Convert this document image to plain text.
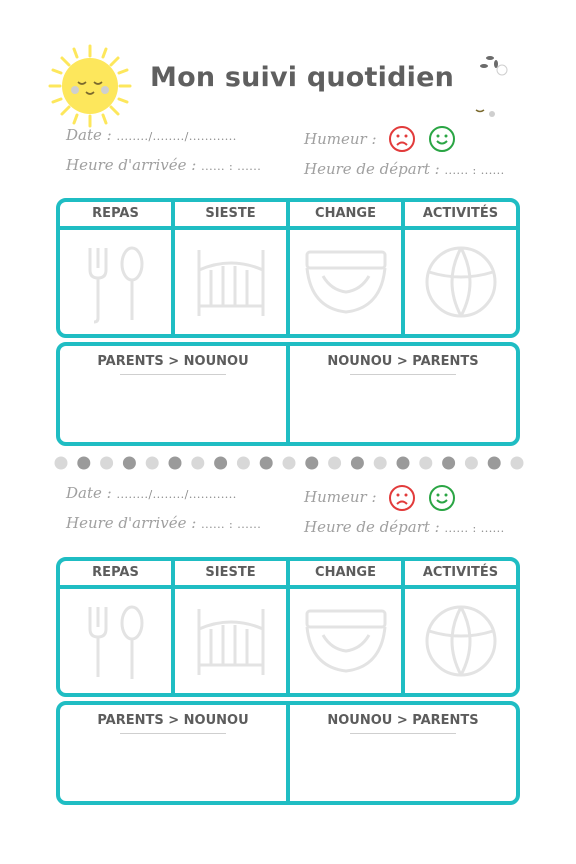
Mon suivi quotidien
Date : ......../......../............
Heure d'arrivée : ...... : ......
Humeur :
Heure de départ : ...... : ......
REPAS	SIESTE	CHANGE	ACTIVITÉS
PARENTS > NOUNOU	NOUNOU > PARENTS
Date : ......../......../............
Heure d'arrivée : ...... : ......
Humeur :
Heure de départ : ...... : ......
REPAS	SIESTE	CHANGE	ACTIVITÉS
PARENTS > NOUNOU	NOUNOU > PARENTS
